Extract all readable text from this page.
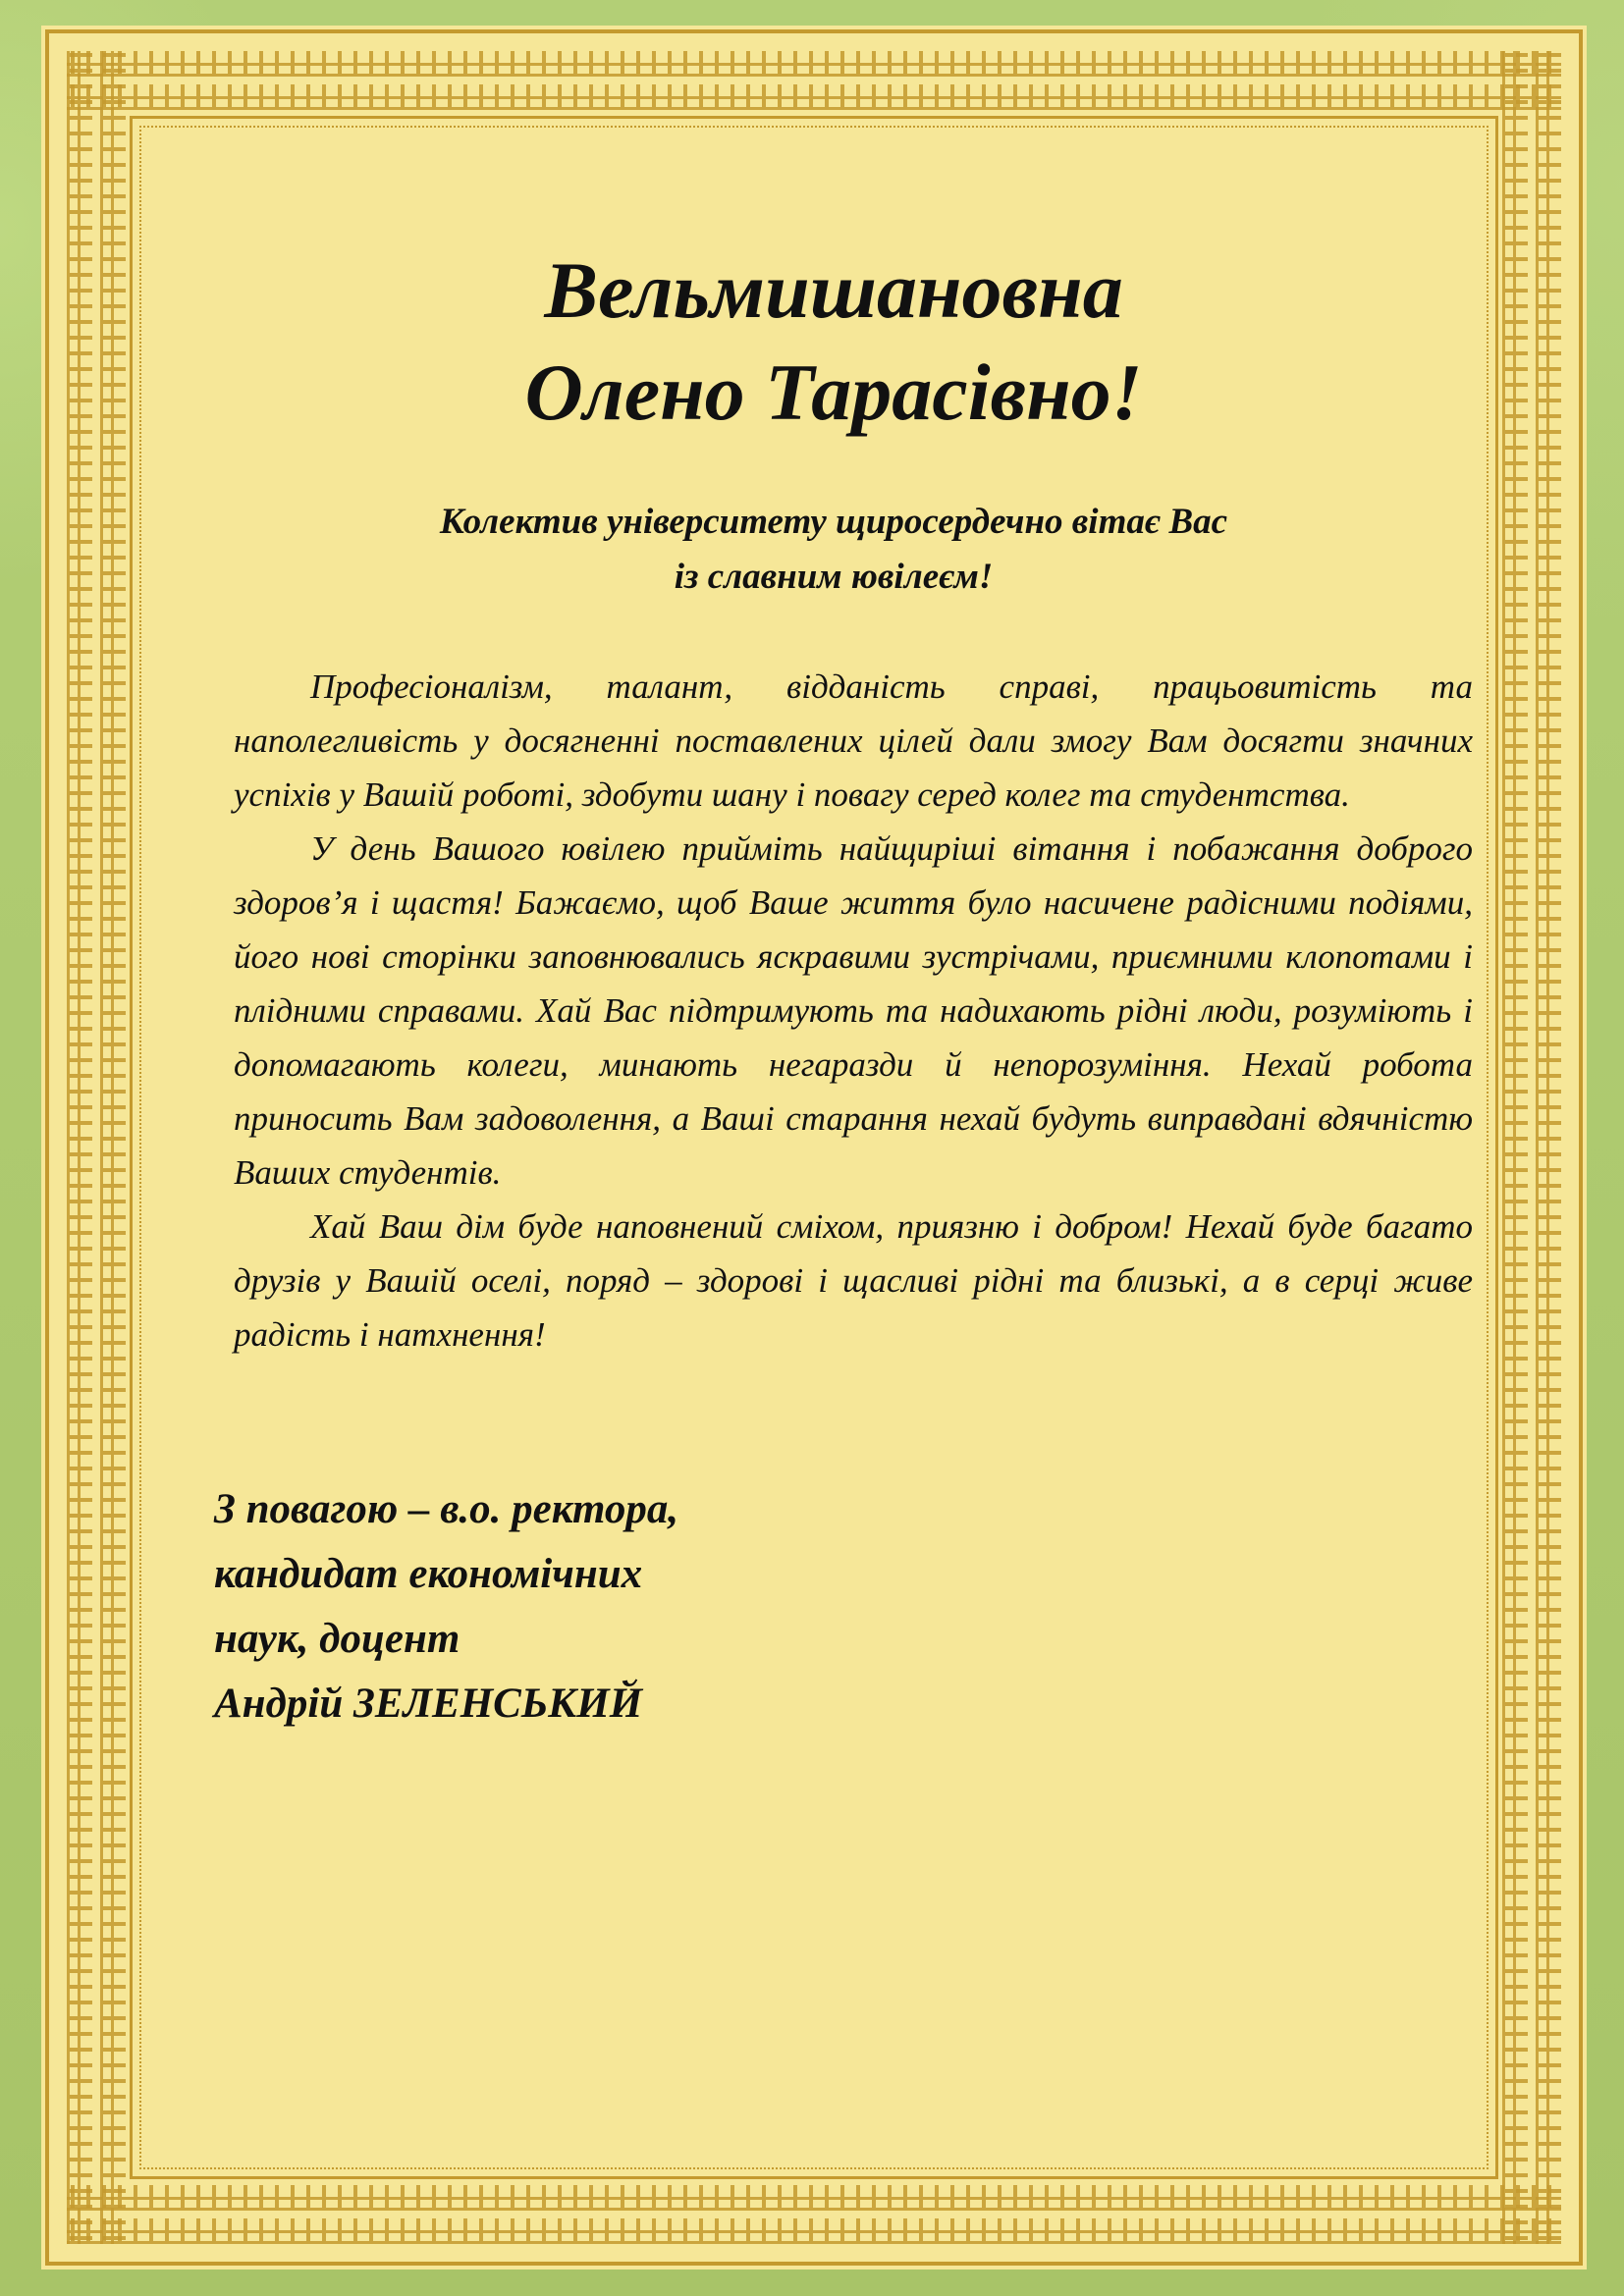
Вельмишановна
Олено Тарасівно!
Колектив університету щиросердечно вітає Вас
із славним ювілеєм!

Професіоналізм, талант, відданість справі, працьовитість та наполегливість у досягненні поставлених цілей дали змогу Вам досягти значних успіхів у Вашій роботі, здобути шану і повагу серед колег та студентства.

У день Вашого ювілею прийміть найщиріші вітання і побажання доброго здоров’я і щастя! Бажаємо, щоб Ваше життя було насичене радісними подіями, його нові сторінки заповнювались яскравими зустрічами, приємними клопотами і плідними справами. Хай Вас підтримують та надихають рідні люди, розуміють і допомагають колеги, минають негаразди й непорозуміння. Нехай робота приносить Вам задоволення, а Ваші старання нехай будуть виправдані вдячністю Ваших студентів.

Хай Ваш дім буде наповнений сміхом, приязню і добром! Нехай буде багато друзів у Вашій оселі, поряд – здорові і щасливі рідні та близькі, а в серці живе радість і натхнення!

З повагою – в.о. ректора,
кандидат економічних
наук, доцент
Андрій ЗЕЛЕНСЬКИЙ
